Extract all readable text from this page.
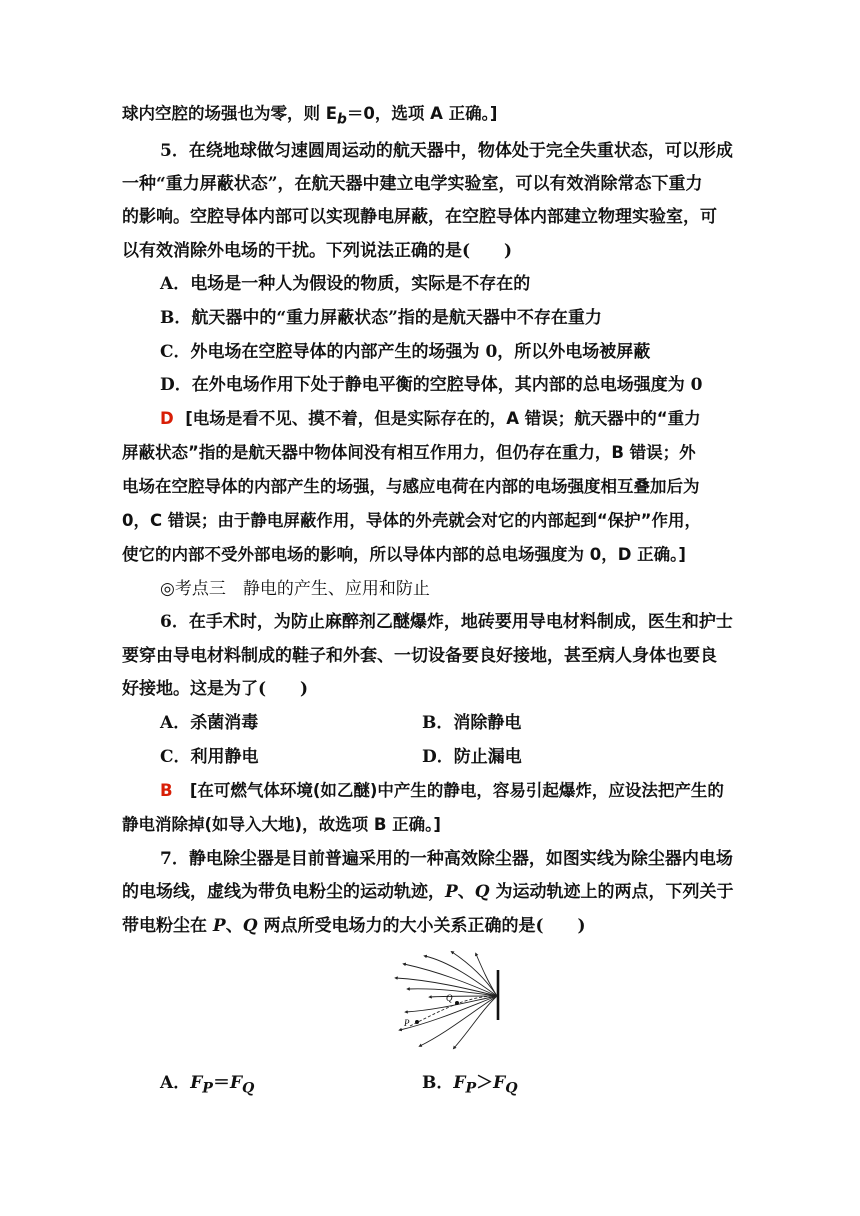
球内空腔的场强也为零，则 $E_b=0$，选项 A 正确。]
5．在绕地球做匀速圆周运动的航天器中，物体处于完全失重状态，可以形成
一种“重力屏蔽状态”，在航天器中建立电学实验室，可以有效消除常态下重力
的影响。空腔导体内部可以实现静电屏蔽，在空腔导体内部建立物理实验室，可
以有效消除外电场的干扰。下列说法正确的是(　　)
A．电场是一种人为假设的物质，实际是不存在的
B．航天器中的“重力屏蔽状态”指的是航天器中不存在重力
C．外电场在空腔导体的内部产生的场强为 0，所以外电场被屏蔽
D．在外电场作用下处于静电平衡的空腔导体，其内部的总电场强度为 0
D [电场是看不见、摸不着，但是实际存在的，A 错误；航天器中的“重力
屏蔽状态”指的是航天器中物体间没有相互作用力，但仍存在重力，B 错误；外
电场在空腔导体的内部产生的场强，与感应电荷在内部的电场强度相互叠加后为
0，C 错误；由于静电屏蔽作用，导体的外壳就会对它的内部起到“保护”作用，
使它的内部不受外部电场的影响，所以导体内部的总电场强度为 0，D 正确。]
◎考点三　静电的产生、应用和防止
6．在手术时，为防止麻醉剂乙醚爆炸，地砖要用导电材料制成，医生和护士
要穿由导电材料制成的鞋子和外套、一切设备要良好接地，甚至病人身体也要良
好接地。这是为了(　　)
A．杀菌消毒	B．消除静电
C．利用静电	D．防止漏电
B [在可燃气体环境(如乙醚)中产生的静电，容易引起爆炸，应设法把产生的
静电消除掉(如导入大地)，故选项 B 正确。]
7．静电除尘器是目前普遍采用的一种高效除尘器，如图实线为除尘器内电场
的电场线，虚线为带负电粉尘的运动轨迹，P、Q 为运动轨迹上的两点，下列关于
带电粉尘在 P、Q 两点所受电场力的大小关系正确的是(　　)
Q
P
A．$F_P=F_Q$	B．$F_P>F_Q$
